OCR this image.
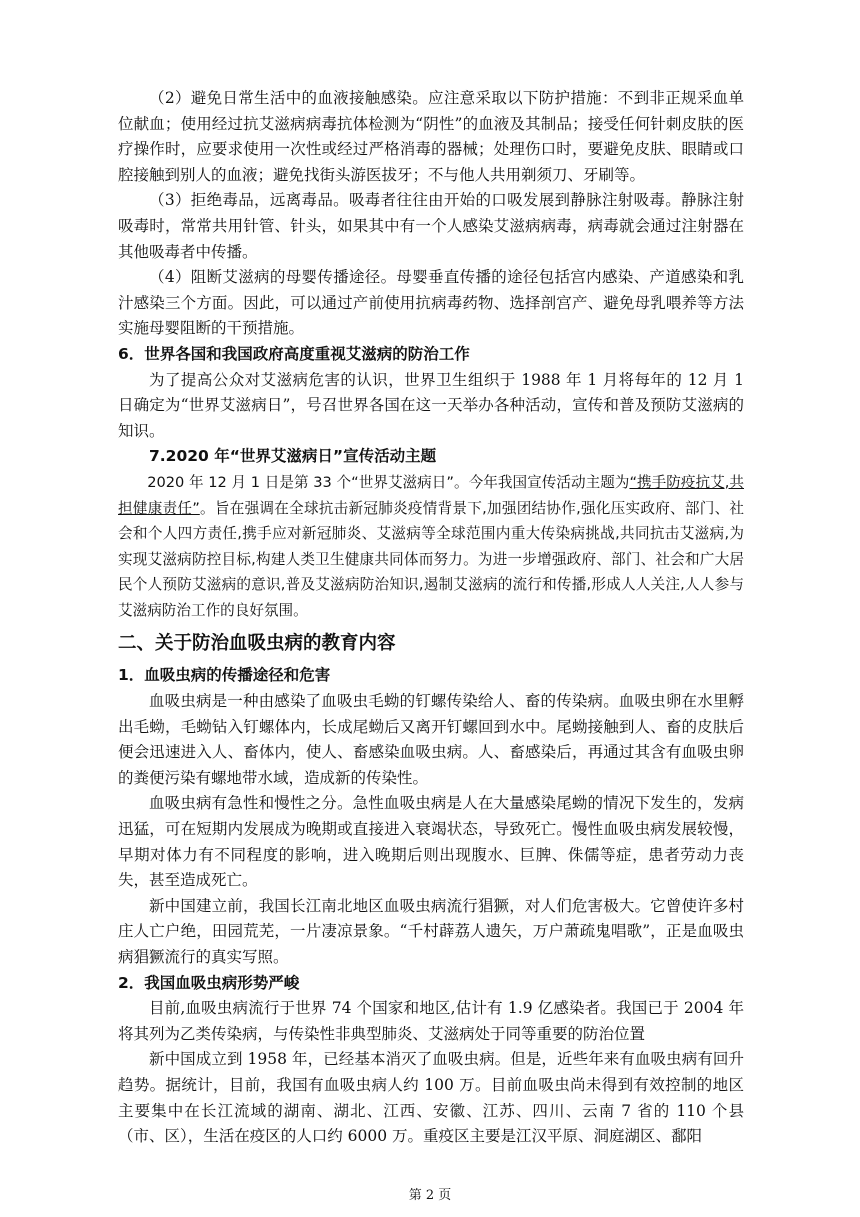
（2）避免日常生活中的血液接触感染。应注意采取以下防护措施：不到非正规采血单位献血；使用经过抗艾滋病病毒抗体检测为“阴性”的血液及其制品；接受任何针刺皮肤的医疗操作时，应要求使用一次性或经过严格消毒的器械；处理伤口时，要避免皮肤、眼睛或口腔接触到别人的血液；避免找街头游医拔牙；不与他人共用剃须刀、牙刷等。

（3）拒绝毒品，远离毒品。吸毒者往往由开始的口吸发展到静脉注射吸毒。静脉注射吸毒时，常常共用针管、针头，如果其中有一个人感染艾滋病病毒，病毒就会通过注射器在其他吸毒者中传播。

（4）阻断艾滋病的母婴传播途径。母婴垂直传播的途径包括宫内感染、产道感染和乳汁感染三个方面。因此，可以通过产前使用抗病毒药物、选择剖宫产、避免母乳喂养等方法实施母婴阻断的干预措施。

6．世界各国和我国政府高度重视艾滋病的防治工作

为了提高公众对艾滋病危害的认识，世界卫生组织于 1988 年 1 月将每年的 12 月 1 日确定为“世界艾滋病日”，号召世界各国在这一天举办各种活动，宣传和普及预防艾滋病的知识。

7.2020 年“世界艾滋病日”宣传活动主题

2020 年 12 月 1 日是第 33 个“世界艾滋病日”。今年我国宣传活动主题为“携手防疫抗艾,共担健康责任”。旨在强调在全球抗击新冠肺炎疫情背景下,加强团结协作,强化压实政府、部门、社会和个人四方责任,携手应对新冠肺炎、艾滋病等全球范围内重大传染病挑战,共同抗击艾滋病,为实现艾滋病防控目标,构建人类卫生健康共同体而努力。为进一步增强政府、部门、社会和广大居民个人预防艾滋病的意识,普及艾滋病防治知识,遏制艾滋病的流行和传播,形成人人关注,人人参与艾滋病防治工作的良好氛围。

二、关于防治血吸虫病的教育内容

1．血吸虫病的传播途径和危害

血吸虫病是一种由感染了血吸虫毛蚴的钉螺传染给人、畜的传染病。血吸虫卵在水里孵出毛蚴，毛蚴钻入钉螺体内，长成尾蚴后又离开钉螺回到水中。尾蚴接触到人、畜的皮肤后便会迅速进入人、畜体内，使人、畜感染血吸虫病。人、畜感染后，再通过其含有血吸虫卵的粪便污染有螺地带水域，造成新的传染性。

血吸虫病有急性和慢性之分。急性血吸虫病是人在大量感染尾蚴的情况下发生的，发病迅猛，可在短期内发展成为晚期或直接进入衰竭状态，导致死亡。慢性血吸虫病发展较慢，早期对体力有不同程度的影响，进入晚期后则出现腹水、巨脾、侏儒等症，患者劳动力丧失，甚至造成死亡。

新中国建立前，我国长江南北地区血吸虫病流行猖獗，对人们危害极大。它曾使许多村庄人亡户绝，田园荒芜，一片凄凉景象。“千村薜荔人遗矢，万户萧疏鬼唱歌”，正是血吸虫病猖獗流行的真实写照。

2．我国血吸虫病形势严峻

目前,血吸虫病流行于世界 74 个国家和地区,估计有 1.9 亿感染者。我国已于 2004 年将其列为乙类传染病，与传染性非典型肺炎、艾滋病处于同等重要的防治位置

新中国成立到 1958 年，已经基本消灭了血吸虫病。但是，近些年来有血吸虫病有回升趋势。据统计，目前，我国有血吸虫病人约 100 万。目前血吸虫尚未得到有效控制的地区主要集中在长江流域的湖南、湖北、江西、安徽、江苏、四川、云南 7 省的 110 个县（市、区），生活在疫区的人口约 6000 万。重疫区主要是江汉平原、洞庭湖区、鄱阳

第 2 页
